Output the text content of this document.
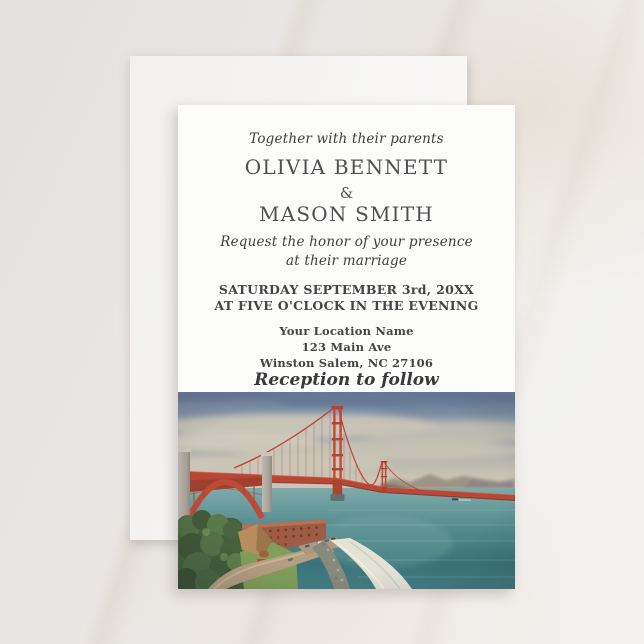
Together with their parents
OLIVIA BENNETT
&
MASON SMITH
Request the honor of your presence
at their marriage
SATURDAY SEPTEMBER 3rd, 20XX
AT FIVE O'CLOCK IN THE EVENING
Your Location Name
123 Main Ave
Winston Salem, NC 27106
Reception to follow
